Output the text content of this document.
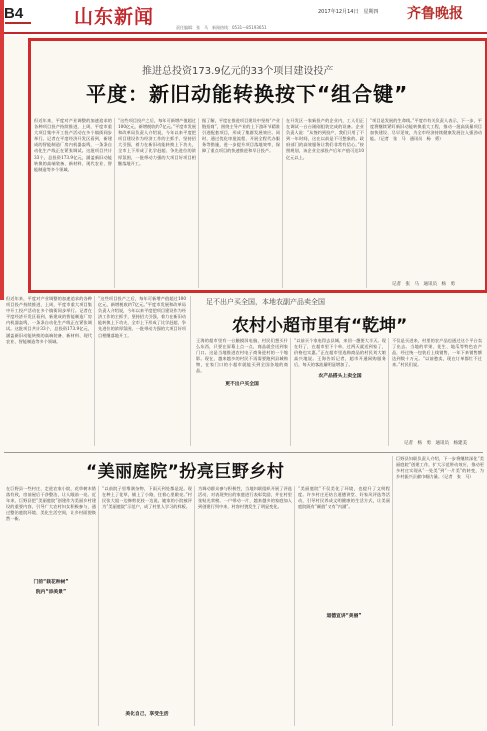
B4	山东新闻	责任编辑：张　马　新闻热线：0531—85193651
2017年12月14日　星期四 齐鲁晚报
推进总投资173.9亿元的33个项目建设投产
平度：新旧动能转换按下“组合键”
但近年来，平度对产业调整的加速追求的各种项目投产持续推进，上周，平度市重大项目集中开工投产活动在多个镇街同步举行。记者在平度经济开发区看到，新建成的智能制造厂房内机器轰鸣，一条条自动化生产线正在紧张调试。这批项目共计33个，总投资173.9亿元，涵盖新旧动能转换的高端装备、新材料、现代农业、智能制造等多个领域。
“这些项目投产之后，每年可新增产值超过100亿元，新增税收约7亿元。”平度市发展和改革局负责人介绍说，今年以来平度把项目建设作为经济工作的主抓手，坚持招大引强，着力在新旧动能转换上下功夫，全市上下形成了比学赶超、争先进位的浓厚氛围，一批带动力强的大项目好项目相继落地开工。
据了解，平度在推进项目建设中坚持“产业链招商”，围绕主导产业的上下游环节精准引进配套项目，形成了集群发展效应。同时，通过优化审批流程、开展全程代办服务等措施，进一步提升项目落地效率，保障了重点项目的快速推进和早日投产。
在开发区一家新投产的企业内，工人们正在调试一台台刚刚组装完成的设备。企业负责人说：“从签约到投产，我们只用了不到一年时间，这在以前是不可想象的。政府部门的高效服务让我们非常有信心。”按照规划，该企业全部投产后年产值可达10亿元以上。
“项目是发展的生命线。”平度市有关负责人表示，下一步，平度将继续紧盯新旧动能转换重大工程，推动一批高质量项目加快建设、尽早见效，为全市经济持续健康发展注入强劲动能。（记者　张　马　通讯员　杨　勇）
记者　张　马　通讯员　杨　勇
足不出户买全国，本地农副产品卖全国
农村小超市里有“乾坤”
但近年来，平度对产业调整的加速追求的各种项目投产持续推进，上周，平度市重大项目集中开工投产活动在多个镇街同步举行。记者在平度经济开发区看到，新建成的智能制造厂房内机器轰鸣，一条条自动化生产线正在紧张调试。这批项目共计33个，总投资173.9亿元，涵盖新旧动能转换的高端装备、新材料、现代农业、智能制造等多个领域。
“这些项目投产之后，每年可新增产值超过100亿元，新增税收约7亿元。”平度市发展和改革局负责人介绍说，今年以来平度把项目建设作为经济工作的主抓手，坚持招大引强，着力在新旧动能转换上下功夫，全市上下形成了比学赶超、争先进位的浓厚氛围，一批带动力强的大项目好项目相继落地开工。
王海的超市里有一台触摸屏电脑，村民们想买什么东西，只要在屏幕上点一点，商品就会送到家门口。这是当地推进农村电子商务进村的一个缩影。现在，越来越多的村民不再需要跑到县城购物，在家门口的小超市就能买到全国各地的商品。
更不出户买全国
“以前买个家电得去县城，来回一趟要大半天。现在好了，在超市里下个单，过两天就送到家了，价格也实惠。”正在超市里选购商品的村民刘大娘高兴地说。王海告诉记者，超市开通网购服务后，每天的客流量明显增加了。
农产品搭头上卖全国
不仅是买进来，村里的农产品也通过这个平台卖了出去。当地的苹果、花生、地瓜等特色农产品，经过统一包装后上线销售，一年下来销售额达到数十万元。“以前愁卖，现在订单都忙不过来。”村民们说。
记者　杨　勇　通讯员　杨建美
“美丽庭院”扮亮巨野乡村
在巨野县一些村庄，走进农家小院，花草树木错落有致，房前屋后干净整洁，让人眼前一亮。近年来，巨野县把“美丽庭院”创建作为美丽乡村建设的重要内容，引导广大农村妇女积极参与，通过整治庭院环境、美化生活空间，让乡村面貌焕然一新。
门前“栽花种树”
院内“添美景”
“以前院子里堆满杂物，下雨天到处都是泥。现在种上了花草，铺上了小路，住着心里敞亮。”村民张大姐一边修剪花枝一边说。她家的小院被评为“美丽庭院”示范户，成了村里人学习的样板。
美化自己，享受生活
为调动群众参与积极性，当地妇联组织开展了评选活动，对表现突出的家庭进行表彰奖励，并在村里张贴光荣榜。一户带动一片，越来越多的家庭加入到创建行列中来，村容村貌发生了明显变化。
“美丽庭院”不仅美化了环境，也提升了文明程度。许多村庄还结合道德讲堂、好家风评选等活动，引导村民养成文明健康的生活方式，让美丽庭院既有“颜值”又有“内涵”。
道德宣讲“美丽”
巨野县妇联负责人介绍，下一步将继续深化“美丽庭院”创建工作，扩大示范带动效应，推动更多村庄实现从“一处美”到“一片美”的转变，为乡村振兴贡献巾帼力量。（记者　张　马）
